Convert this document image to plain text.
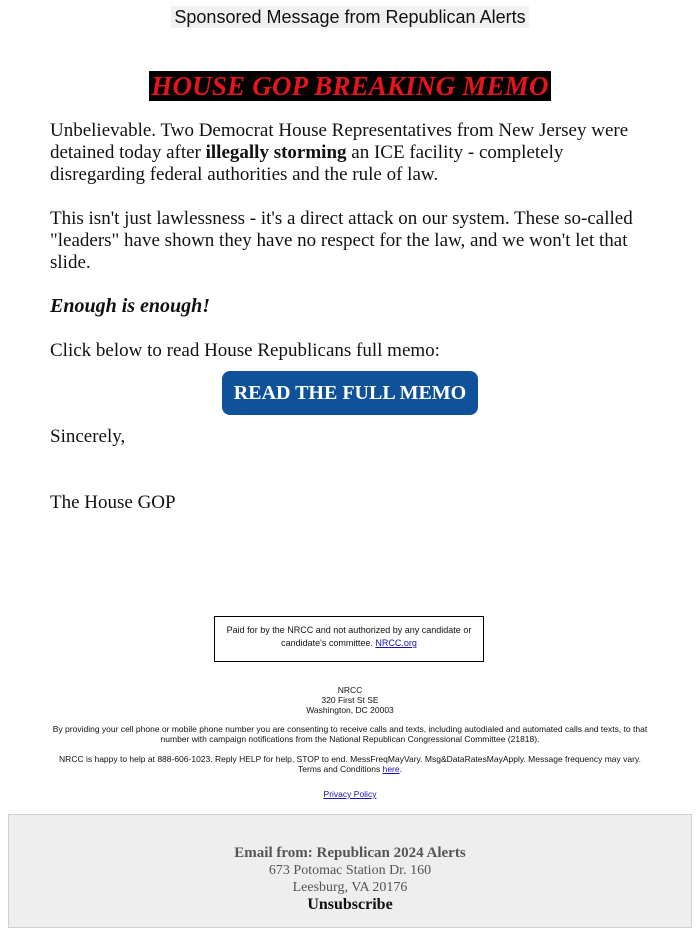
Sponsored Message from Republican Alerts
HOUSE GOP BREAKING MEMO
Unbelievable. Two Democrat House Representatives from New Jersey were detained today after illegally storming an ICE facility - completely disregarding federal authorities and the rule of law.
This isn't just lawlessness - it's a direct attack on our system. These so-called "leaders" have shown they have no respect for the law, and we won't let that slide.
Enough is enough!
Click below to read House Republicans full memo:
READ THE FULL MEMO
Sincerely,
The House GOP
Paid for by the NRCC and not authorized by any candidate or candidate's committee. NRCC.org
NRCC
320 First St SE
Washington, DC 20003
By providing your cell phone or mobile phone number you are consenting to receive calls and texts, including autodialed and automated calls and texts, to that number with campaign notifications from the National Republican Congressional Committee (21818).
NRCC is happy to help at 888-606-1023. Reply HELP for help, STOP to end. MessFreqMayVary. Msg&DataRatesMayApply. Message frequency may vary. Terms and Conditions here.
Privacy Policy
Email from: Republican 2024 Alerts
673 Potomac Station Dr. 160
Leesburg, VA 20176
Unsubscribe
